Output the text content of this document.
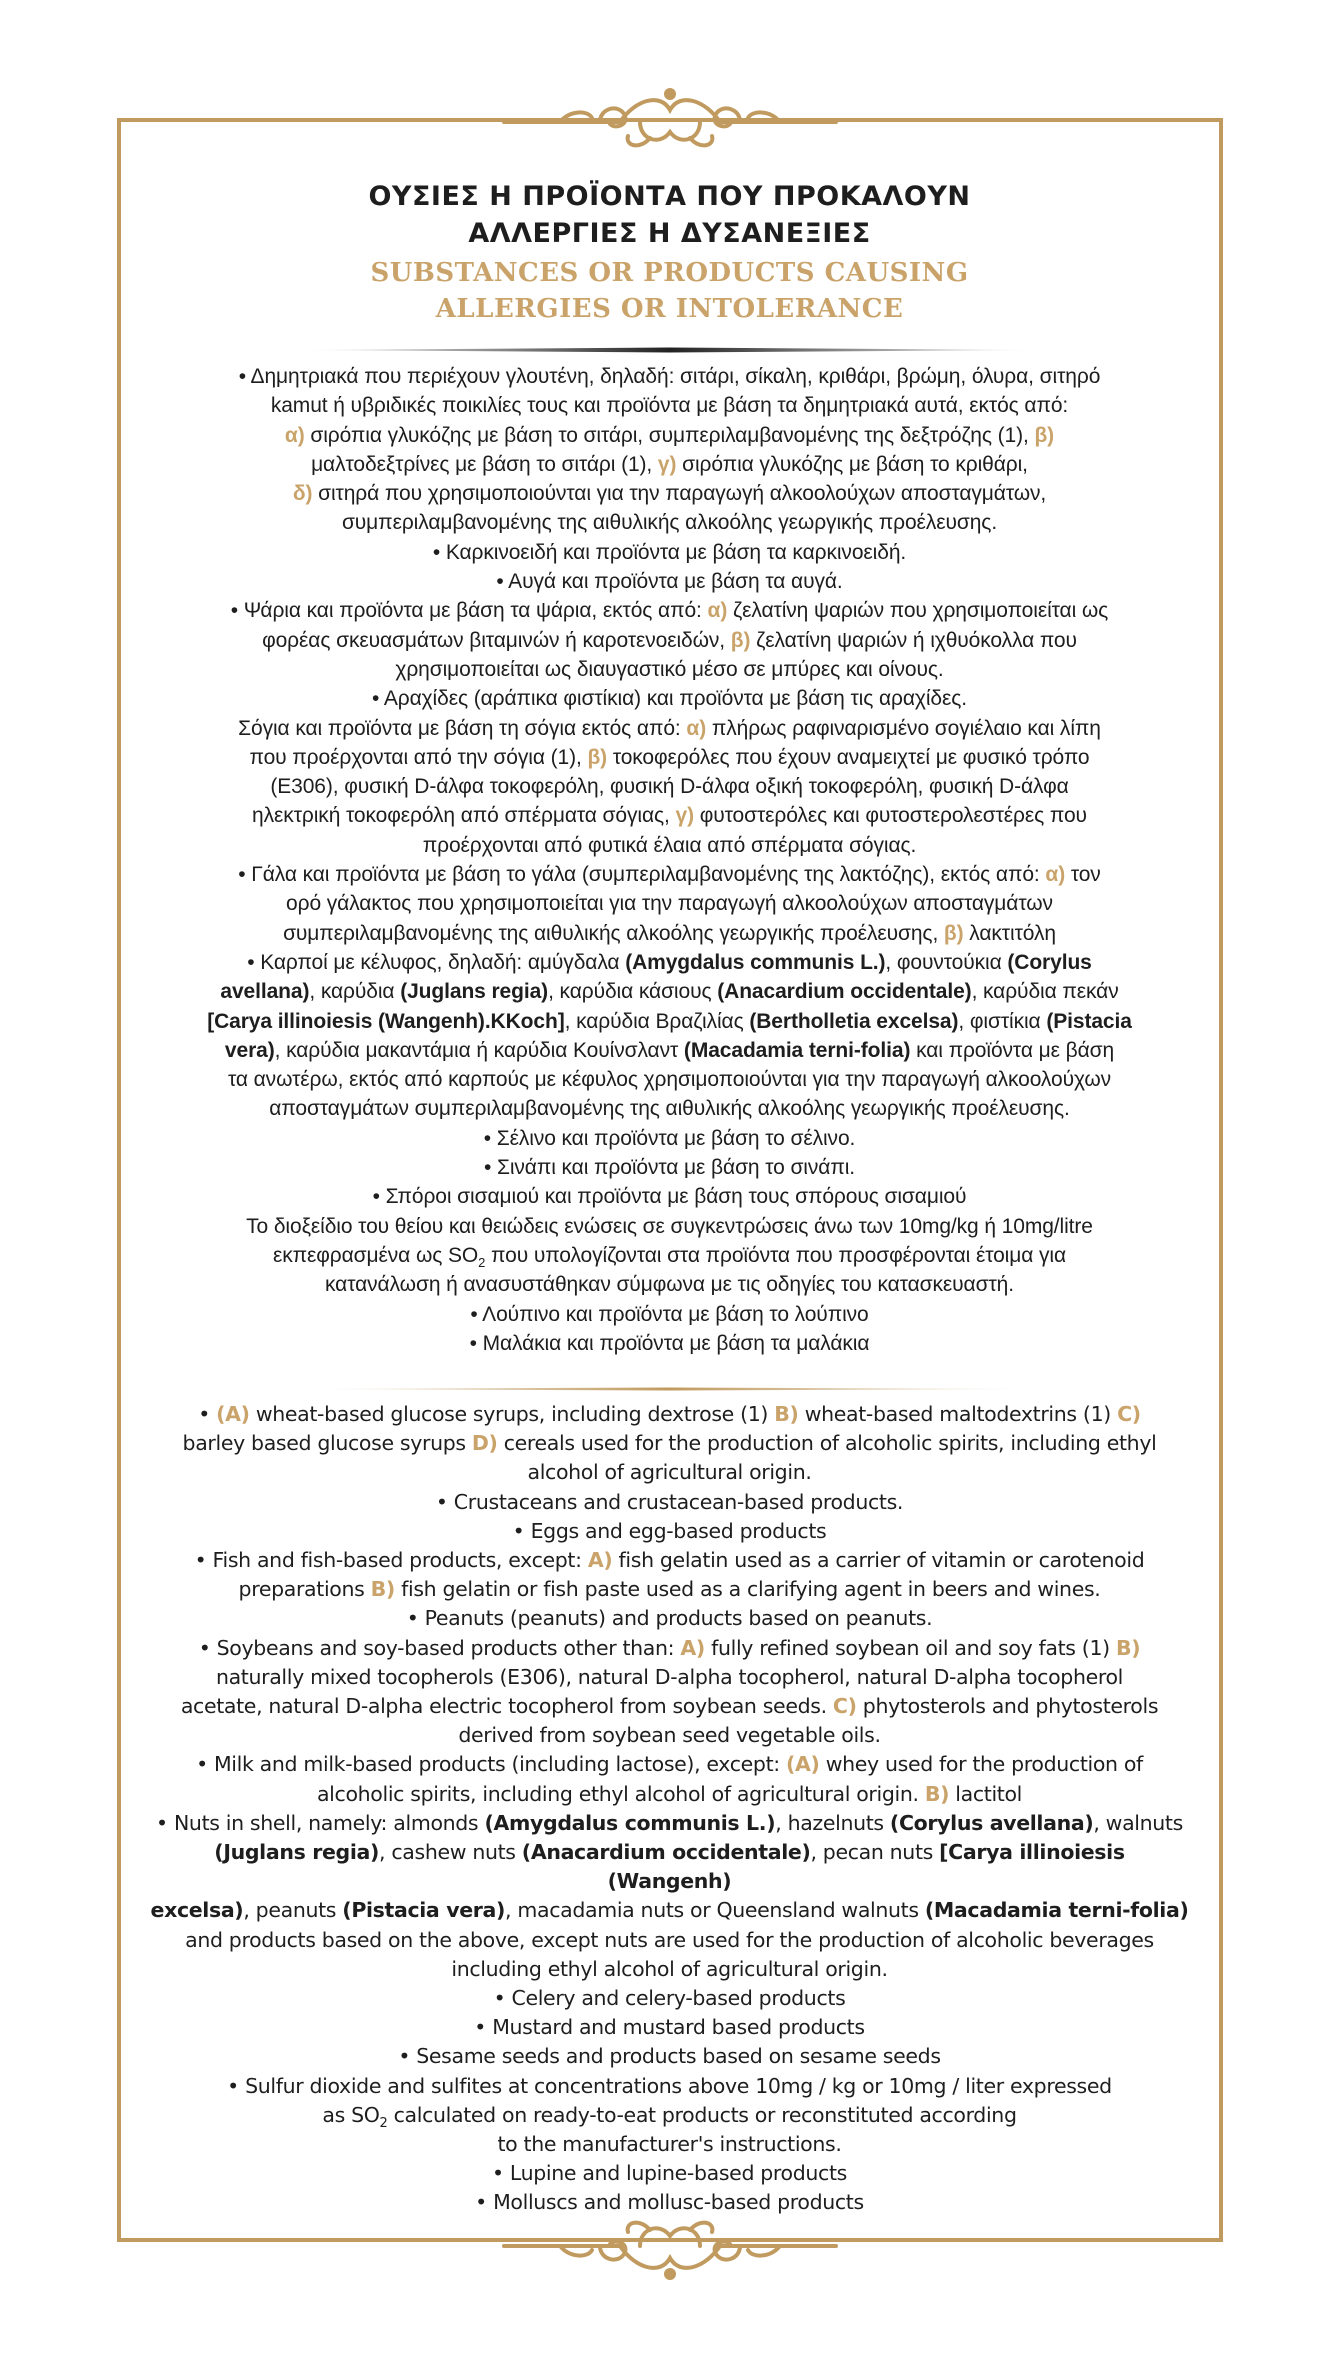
ΟΥΣΙΕΣ Η ΠΡΟΪΟΝΤΑ ΠΟΥ ΠΡΟΚΑΛΟΥΝ
ΑΛΛΕΡΓΙΕΣ Η ΔΥΣΑΝΕΞΙΕΣ
SUBSTANCES OR PRODUCTS CAUSING
ALLERGIES OR INTOLERANCE

• Δημητριακά που περιέχουν γλουτένη, δηλαδή: σιτάρι, σίκαλη, κριθάρι, βρώμη, όλυρα, σιτηρό

kamut ή υβριδικές ποικιλίες τους και προϊόντα με βάση τα δημητριακά αυτά, εκτός από:

α) σιρόπια γλυκόζης με βάση το σιτάρι, συμπεριλαμβανομένης της δεξτρόζης (1), β)

μαλτοδεξτρίνες με βάση το σιτάρι (1), γ) σιρόπια γλυκόζης με βάση το κριθάρι,

δ) σιτηρά που χρησιμοποιούνται για την παραγωγή αλκοολούχων αποσταγμάτων,

συμπεριλαμβανομένης της αιθυλικής αλκοόλης γεωργικής προέλευσης.

• Καρκινοειδή και προϊόντα με βάση τα καρκινοειδή.

• Αυγά και προϊόντα με βάση τα αυγά.

• Ψάρια και προϊόντα με βάση τα ψάρια, εκτός από: α) ζελατίνη ψαριών που χρησιμοποιείται ως

φορέας σκευασμάτων βιταμινών ή καροτενοειδών, β) ζελατίνη ψαριών ή ιχθυόκολλα που

χρησιμοποιείται ως διαυγαστικό μέσο σε μπύρες και οίνους.

• Αραχίδες (αράπικα φιστίκια) και προϊόντα με βάση τις αραχίδες.

Σόγια και προϊόντα με βάση τη σόγια εκτός από: α) πλήρως ραφιναρισμένο σογιέλαιο και λίπη

που προέρχονται από την σόγια (1), β) τοκοφερόλες που έχουν αναμειχτεί με φυσικό τρόπο

(E306), φυσική D-άλφα τοκοφερόλη, φυσική D-άλφα οξική τοκοφερόλη, φυσική D-άλφα

ηλεκτρική τοκοφερόλη από σπέρματα σόγιας, γ) φυτοστερόλες και φυτοστερολεστέρες που

προέρχονται από φυτικά έλαια από σπέρματα σόγιας.

• Γάλα και προϊόντα με βάση το γάλα (συμπεριλαμβανομένης της λακτόζης), εκτός από: α) τον

ορό γάλακτος που χρησιμοποιείται για την παραγωγή αλκοολούχων αποσταγμάτων

συμπεριλαμβανομένης της αιθυλικής αλκοόλης γεωργικής προέλευσης, β) λακτιτόλη

• Καρποί με κέλυφος, δηλαδή: αμύγδαλα (Amygdalus communis L.), φουντούκια (Corylus

avellana), καρύδια (Juglans regia), καρύδια κάσιους (Anacardium occidentale), καρύδια πεκάν

[Carya illinoiesis (Wangenh).KKoch], καρύδια Βραζιλίας (Bertholletia excelsa), φιστίκια (Pistacia

vera), καρύδια μακαντάμια ή καρύδια Κουίνσλαντ (Macadamia terni-folia) και προϊόντα με βάση

τα ανωτέρω, εκτός από καρπούς με κέφυλος χρησιμοποιούνται για την παραγωγή αλκοολούχων

αποσταγμάτων συμπεριλαμβανομένης της αιθυλικής αλκοόλης γεωργικής προέλευσης.

• Σέλινο και προϊόντα με βάση το σέλινο.

• Σινάπι και προϊόντα με βάση το σινάπι.

• Σπόροι σισαμιού και προϊόντα με βάση τους σπόρους σισαμιού

Το διοξείδιο του θείου και θειώδεις ενώσεις σε συγκεντρώσεις άνω των 10mg/kg ή 10mg/litre

εκπεφρασμένα ως $SO_2$ που υπολογίζονται στα προϊόντα που προσφέρονται έτοιμα για

κατανάλωση ή ανασυστάθηκαν σύμφωνα με τις οδηγίες του κατασκευαστή.

• Λούπινο και προϊόντα με βάση το λούπινο

• Μαλάκια και προϊόντα με βάση τα μαλάκια

• (A) wheat-based glucose syrups, including dextrose (1) B) wheat-based maltodextrins (1) C)

barley based glucose syrups D) cereals used for the production of alcoholic spirits, including ethyl

alcohol of agricultural origin.

• Crustaceans and crustacean-based products.

• Eggs and egg-based products

• Fish and fish-based products, except: A) fish gelatin used as a carrier of vitamin or carotenoid

preparations B) fish gelatin or fish paste used as a clarifying agent in beers and wines.

• Peanuts (peanuts) and products based on peanuts.

• Soybeans and soy-based products other than: A) fully refined soybean oil and soy fats (1) B)

naturally mixed tocopherols (E306), natural D-alpha tocopherol, natural D-alpha tocopherol

acetate, natural D-alpha electric tocopherol from soybean seeds. C) phytosterols and phytosterols

derived from soybean seed vegetable oils.

• Milk and milk-based products (including lactose), except: (A) whey used for the production of

alcoholic spirits, including ethyl alcohol of agricultural origin. B) lactitol

• Nuts in shell, namely: almonds (Amygdalus communis L.), hazelnuts (Corylus avellana), walnuts

(Juglans regia), cashew nuts (Anacardium occidentale), pecan nuts [Carya illinoiesis (Wangenh)

excelsa), peanuts (Pistacia vera), macadamia nuts or Queensland walnuts (Macadamia terni-folia)

and products based on the above, except nuts are used for the production of alcoholic beverages

including ethyl alcohol of agricultural origin.

• Celery and celery-based products

• Mustard and mustard based products

• Sesame seeds and products based on sesame seeds

• Sulfur dioxide and sulfites at concentrations above 10mg / kg or 10mg / liter expressed

as $SO_2$ calculated on ready-to-eat products or reconstituted according

to the manufacturer's instructions.

• Lupine and lupine-based products

• Molluscs and mollusc-based products
